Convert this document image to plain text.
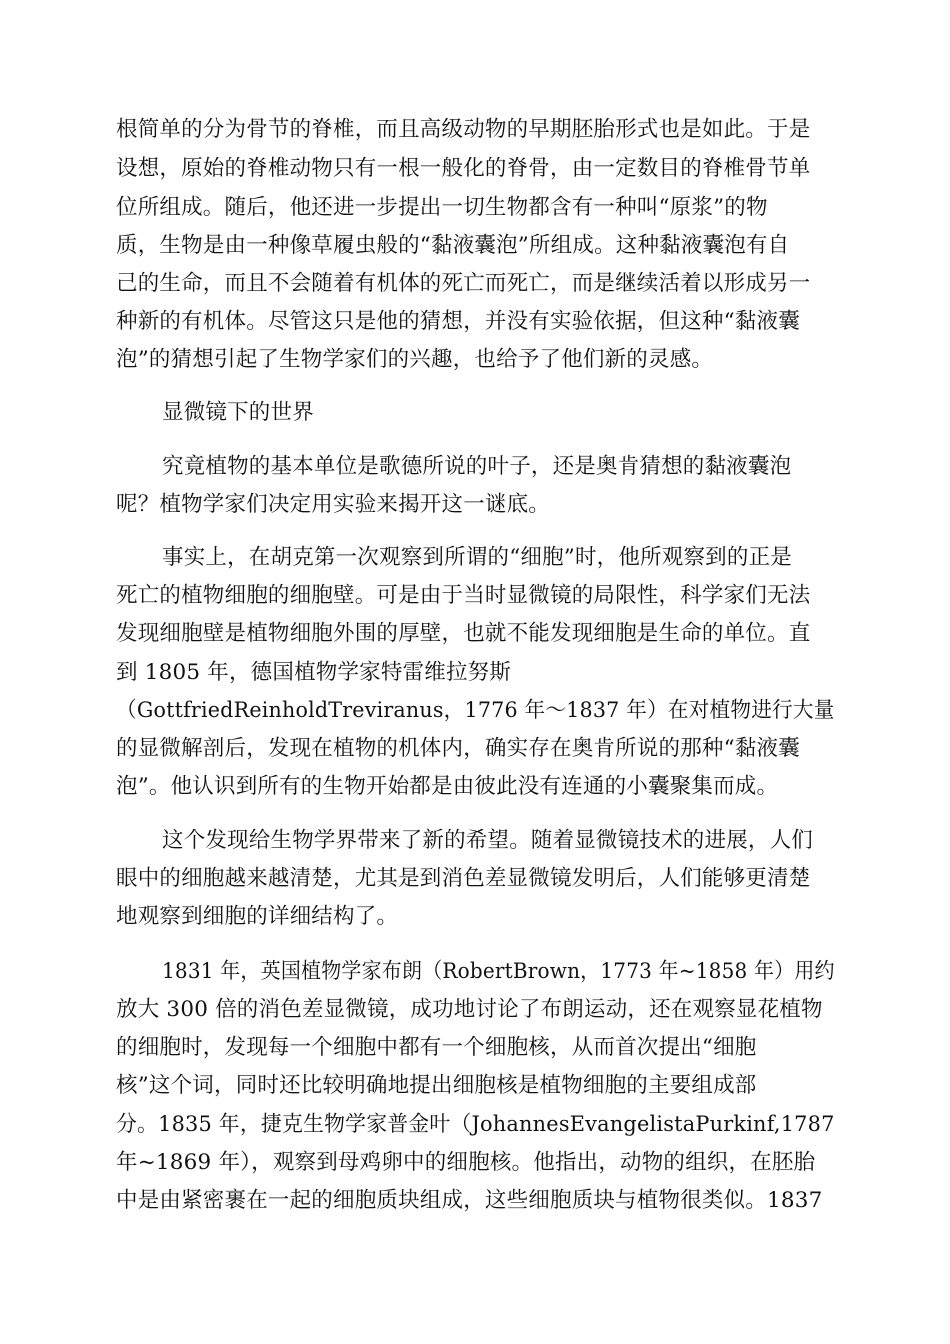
根简单的分为骨节的脊椎，而且高级动物的早期胚胎形式也是如此。于是
设想，原始的脊椎动物只有一根一般化的脊骨，由一定数目的脊椎骨节单
位所组成。随后，他还进一步提出一切生物都含有一种叫“原浆”的物
质，生物是由一种像草履虫般的“黏液囊泡”所组成。这种黏液囊泡有自
己的生命，而且不会随着有机体的死亡而死亡，而是继续活着以形成另一
种新的有机体。尽管这只是他的猜想，并没有实验依据，但这种“黏液囊
泡”的猜想引起了生物学家们的兴趣，也给予了他们新的灵感。
显微镜下的世界
究竟植物的基本单位是歌德所说的叶子，还是奥肯猜想的黏液囊泡
呢？植物学家们决定用实验来揭开这一谜底。
事实上，在胡克第一次观察到所谓的“细胞”时，他所观察到的正是
死亡的植物细胞的细胞壁。可是由于当时显微镜的局限性，科学家们无法
发现细胞壁是植物细胞外围的厚壁，也就不能发现细胞是生命的单位。直
到 1805 年，德国植物学家特雷维拉努斯
（GottfriedReinholdTreviranus，1776 年～1837 年）在对植物进行大量
的显微解剖后，发现在植物的机体内，确实存在奥肯所说的那种“黏液囊
泡”。他认识到所有的生物开始都是由彼此没有连通的小囊聚集而成。
这个发现给生物学界带来了新的希望。随着显微镜技术的进展，人们
眼中的细胞越来越清楚，尤其是到消色差显微镜发明后，人们能够更清楚
地观察到细胞的详细结构了。
1831 年，英国植物学家布朗（RobertBrown，1773 年~1858 年）用约
放大 300 倍的消色差显微镜，成功地讨论了布朗运动，还在观察显花植物
的细胞时，发现每一个细胞中都有一个细胞核，从而首次提出“细胞
核”这个词，同时还比较明确地提出细胞核是植物细胞的主要组成部
分。1835 年，捷克生物学家普金叶（JohannesEvangelistaPurkinf,1787
年~1869 年），观察到母鸡卵中的细胞核。他指出，动物的组织，在胚胎
中是由紧密裹在一起的细胞质块组成，这些细胞质块与植物很类似。1837
